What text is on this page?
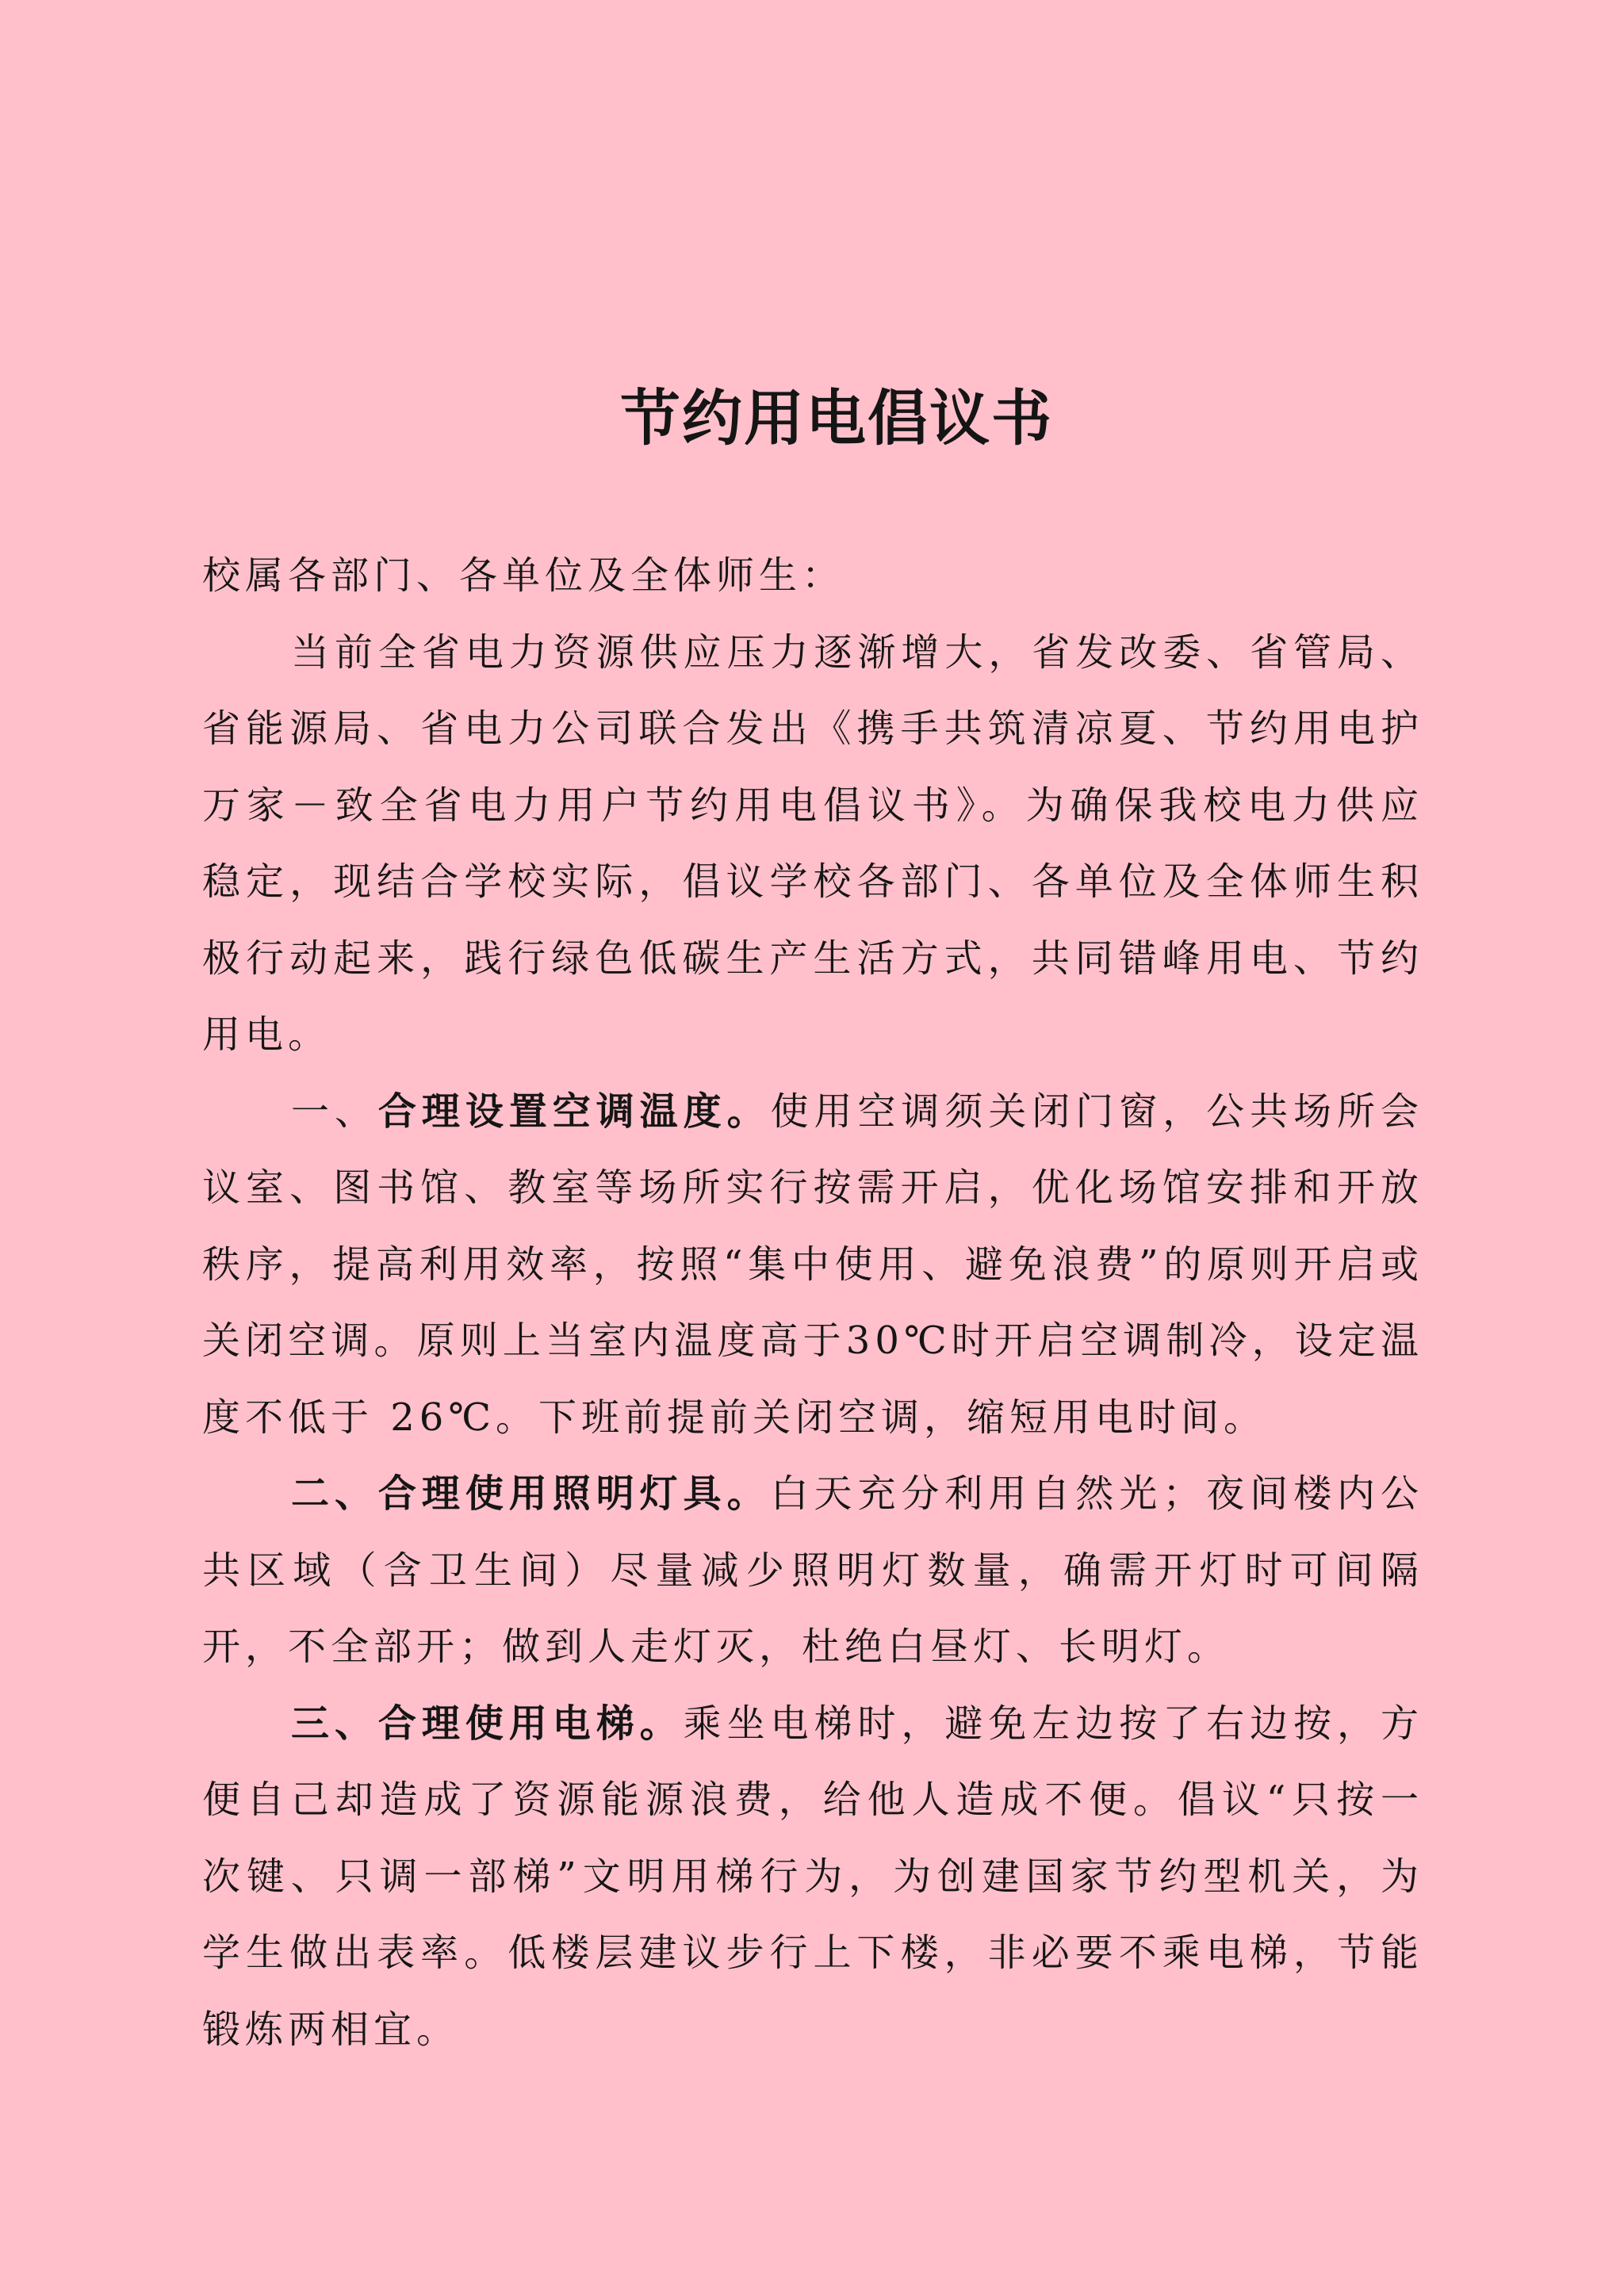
节约用电倡议书

校属各部门、各单位及全体师生：

当前全省电力资源供应压力逐渐增大，省发改委、省管局、省能源局、省电力公司联合发出《携手共筑清凉夏、节约用电护万家－致全省电力用户节约用电倡议书》。为确保我校电力供应稳定，现结合学校实际，倡议学校各部门、各单位及全体师生积极行动起来，践行绿色低碳生产生活方式，共同错峰用电、节约用电。

一、合理设置空调温度。使用空调须关闭门窗，公共场所会议室、图书馆、教室等场所实行按需开启，优化场馆安排和开放秩序，提高利用效率，按照“集中使用、避免浪费”的原则开启或关闭空调。原则上当室内温度高于30℃时开启空调制冷，设定温度不低于 26℃。下班前提前关闭空调，缩短用电时间。

二、合理使用照明灯具。白天充分利用自然光；夜间楼内公共区域（含卫生间）尽量减少照明灯数量，确需开灯时可间隔开，不全部开；做到人走灯灭，杜绝白昼灯、长明灯。

三、合理使用电梯。乘坐电梯时，避免左边按了右边按，方便自己却造成了资源能源浪费，给他人造成不便。倡议“只按一次键、只调一部梯”文明用梯行为，为创建国家节约型机关，为学生做出表率。低楼层建议步行上下楼，非必要不乘电梯，节能锻炼两相宜。
